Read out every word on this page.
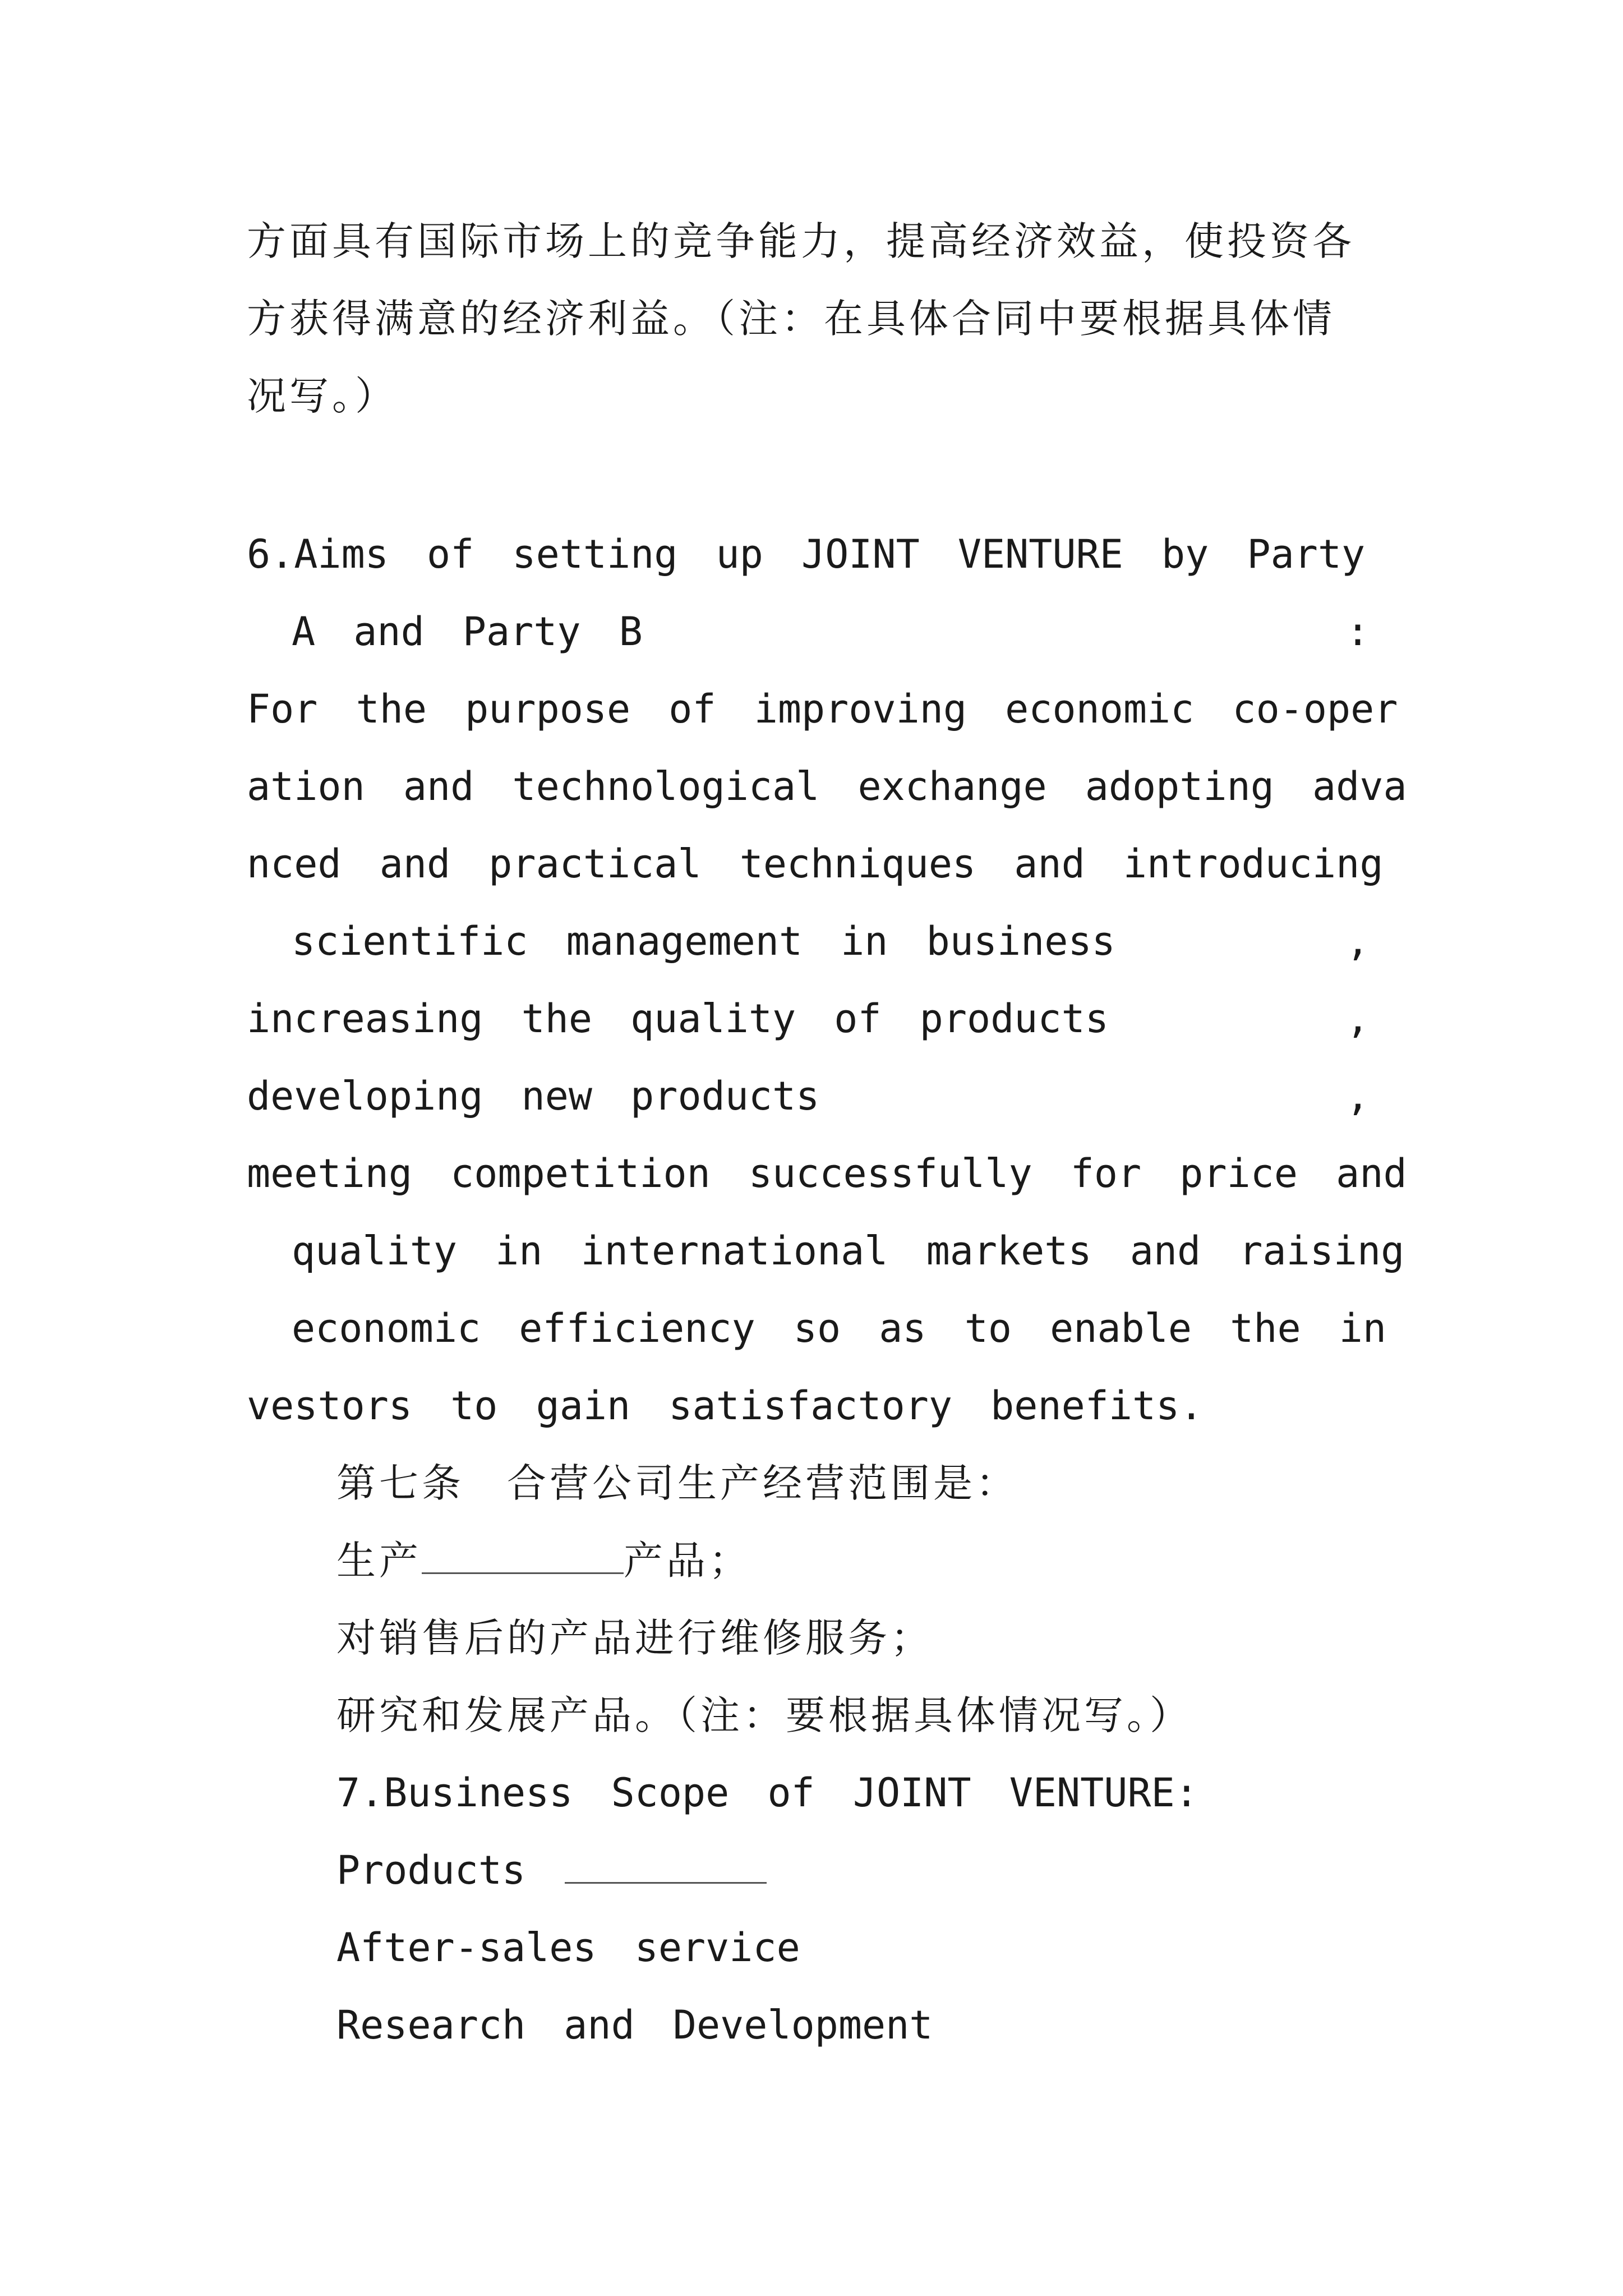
方面具有国际市场上的竞争能力，提高经济效益，使投资各
方获得满意的经济利益。（注：在具体合同中要根据具体情
况写。）
6.Aims of setting up JOINT VENTURE by Party
A and Party B	:
For the purpose of improving economic co-oper
ation and technological exchange adopting adva
nced and practical techniques and introducing
scientific management in business	,
increasing the quality of products	,
developing new products	,
meeting competition successfully for price and
quality in international markets and raising
economic efficiency so as to enable the in
vestors to gain satisfactory benefits.
第七条　合营公司生产经营范围是：
生产	产品；
对销售后的产品进行维修服务；
研究和发展产品。（注：要根据具体情况写。）
7.Business Scope of JOINT VENTURE:
Products
After-sales service
Research and Development
